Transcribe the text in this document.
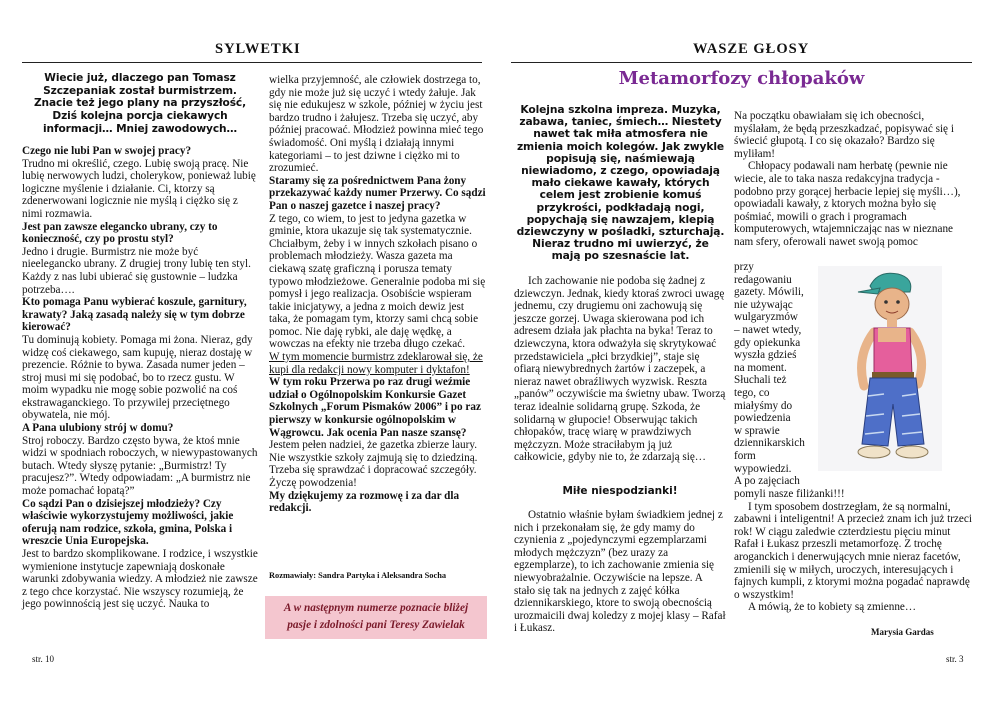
SYLWETKI
Wiecie już, dlaczego pan Tomasz
Szczepaniak został burmistrzem.
Znacie też jego plany na przyszłość,
Dziś kolejna porcja ciekawych
informacji… Mniej zawodowych…

Czego nie lubi Pan w swojej pracy?

Trudno mi określić, czego. Lubię swoją pracę. Nie lubię nerwowych ludzi, cholerykow, ponieważ lubię logiczne myślenie i działanie. Ci, ktorzy są zdenerwowani logicznie nie myślą i ciężko się z nimi rozmawia.

Jest pan zawsze elegancko ubrany, czy to konieczność, czy po prostu styl?

Jedno i drugie. Burmistrz nie może być nieelegancko ubrany. Z drugiej trony lubię ten styl. Każdy z nas lubi ubierać się gustownie – ludzka potrzeba….

Kto pomaga Panu wybierać koszule, garnitury, krawaty? Jaką zasadą należy się w tym dobrze kierować?

Tu dominują kobiety. Pomaga mi żona. Nieraz, gdy widzę coś ciekawego, sam kupuję, nieraz dostaję w prezencie. Różnie to bywa. Zasada numer jeden – stroj musi mi się podobać, bo to rzecz gustu. W moim wypadku nie mogę sobie pozwolić na coś ekstrawaganckiego. To przywilej przeciętnego obywatela, nie mój.

A Pana ulubiony strój w domu?

Stroj roboczy. Bardzo często bywa, że ktoś mnie widzi w spodniach roboczych, w niewypastowanych butach. Wtedy słyszę pytanie: „Burmistrz! Ty pracujesz?”. Wtedy odpowiadam: „A burmistrz nie może pomachać łopatą?”

Co sądzi Pan o dzisiejszej młodzieży? Czy właściwie wykorzystujemy możliwości, jakie oferują nam rodzice, szkoła, gmina, Polska i wreszcie Unia Europejska.

Jest to bardzo skomplikowane. I rodzice, i wszystkie wymienione instytucje zapewniają doskonałe warunki zdobywania wiedzy. A młodzież nie zawsze z tego chce korzystać. Nie wszyscy rozumieją, że jego powinnością jest się uczyć. Nauka to

wielka przyjemność, ale człowiek dostrzega to, gdy nie może już się uczyć i wtedy żałuje. Jak się nie edukujesz w szkole, później w życiu jest bardzo trudno i żałujesz. Trzeba się uczyć, aby później pracować. Młodzież powinna mieć tego świadomość. Oni myślą i działają innymi kategoriami – to jest dziwne i ciężko mi to zrozumieć.

Staramy się za pośrednictwem Pana żony przekazywać każdy numer Przerwy. Co sądzi Pan o naszej gazetce i naszej pracy?

Z tego, co wiem, to jest to jedyna gazetka w gminie, ktora ukazuje się tak systematycznie. Chciałbym, żeby i w innych szkołach pisano o problemach młodzieży. Wasza gazeta ma ciekawą szatę graficzną i porusza tematy typowo młodzieżowe. Generalnie podoba mi się pomysł i jego realizacja. Osobiście wspieram takie inicjatywy, a jedna z moich dewiz jest taka, że pomagam tym, ktorzy sami chcą sobie pomoc. Nie daję rybki, ale daję wędkę, a wowczas na efekty nie trzeba długo czekać.

W tym momencie burmistrz zdeklarował się, że kupi dla redakcji nowy komputer i dyktafon!

W tym roku Przerwa po raz drugi weźmie udział o Ogólnopolskim Konkursie Gazet Szkolnych „Forum Pismaków 2006” i po raz pierwszy w konkursie ogólnopolskim w Wągrowcu. Jak ocenia Pan nasze szansę?

Jestem pełen nadziei, że gazetka zbierze laury. Nie wszystkie szkoły zajmują się to dziedziną. Trzeba się sprawdzać i dopracować szczegóły. Życzę powodzenia!

My dziękujemy za rozmowę i za dar dla redakcji.

Rozmawiały: Sandra Partyka i Aleksandra Socha
A w następnym numerze poznacie bliżej
pasje i zdolności pani Teresy Zawielak
str. 10
WASZE GŁOSY
Metamorfozy chłopaków
Kolejna szkolna impreza. Muzyka,
zabawa, taniec, śmiech… Niestety
nawet tak miła atmosfera nie
zmienia moich kolegów. Jak zwykle
popisują się, naśmiewają
niewiadomo, z czego, opowiadają
mało ciekawe kawały, których
celem jest zrobienie komuś
przykrości, podkładają nogi,
popychają się nawzajem, klepią
dziewczyny w pośladki, szturchają.
Nieraz trudno mi uwierzyć, że
mają po szesnaście lat.

Ich zachowanie nie podoba się żadnej z dziewczyn. Jednak, kiedy ktoraś zwroci uwagę jednemu, czy drugiemu oni zachowują się jeszcze gorzej. Uwaga skierowana pod ich adresem działa jak płachta na byka! Teraz to dziewczyna, ktora odważyła się skrytykować przedstawiciela „płci brzydkiej”, staje się ofiarą niewybrednych żartów i zaczepek, a nieraz nawet obraźliwych wyzwisk. Reszta „panów” oczywiście ma świetny ubaw. Tworzą teraz idealnie solidarną grupę. Szkoda, że solidarną w głupocie! Obserwując takich chłopaków, tracę wiarę w prawdziwych mężczyzn. Może straciłabym ją już całkowicie, gdyby nie to, że zdarzają się…

Miłe niespodzianki!

Ostatnio właśnie byłam świadkiem jednej z nich i przekonałam się, że gdy mamy do czynienia z „pojedynczymi egzemplarzami młodych mężczyzn” (bez urazy za egzemplarze), to ich zachowanie zmienia się niewyobrażalnie. Oczywiście na lepsze. A stało się tak na jednych z zajęć kółka dziennikarskiego, ktore to swoją obecnością urozmaicili dwaj koledzy z mojej klasy – Rafał i Łukasz.

Na początku obawiałam się ich obecności, myślałam, że będą przeszkadzać, popisywać się i świecić głupotą. I co się okazało? Bardzo się myliłam!

Chłopacy podawali nam herbatę (pewnie nie wiecie, ale to taka nasza redakcyjna tradycja - podobno przy gorącej herbacie lepiej się myśli…), opowiadali kawały, z ktorych można było się pośmiać, mowili o grach i programach komputerowych, wtajemniczając nas w nieznane nam sfery, oferowali nawet swoją pomoc

przy
redagowaniu
gazety. Mówili,
nie używając
wulgaryzmów
– nawet wtedy,
gdy opiekunka
wyszła gdzieś
na moment.
Słuchali też
tego, co
miałyśmy do
powiedzenia
w sprawie
dziennikarskich
form
wypowiedzi.
A po zajęciach

pomyli nasze filiżanki!!!

I tym sposobem dostrzegłam, że są normalni, zabawni i inteligentni! A przecież znam ich już trzeci rok! W ciągu zaledwie czterdziestu pięciu minut Rafał i Łukasz przeszli metamorfozę. Z trochę aroganckich i denerwujących mnie nieraz facetów, zmienili się w miłych, uroczych, interesujących i fajnych kumpli, z ktorymi można pogadać naprawdę o wszystkim!

A mówią, że to kobiety są zmienne…

Marysia Gardas
str. 3
